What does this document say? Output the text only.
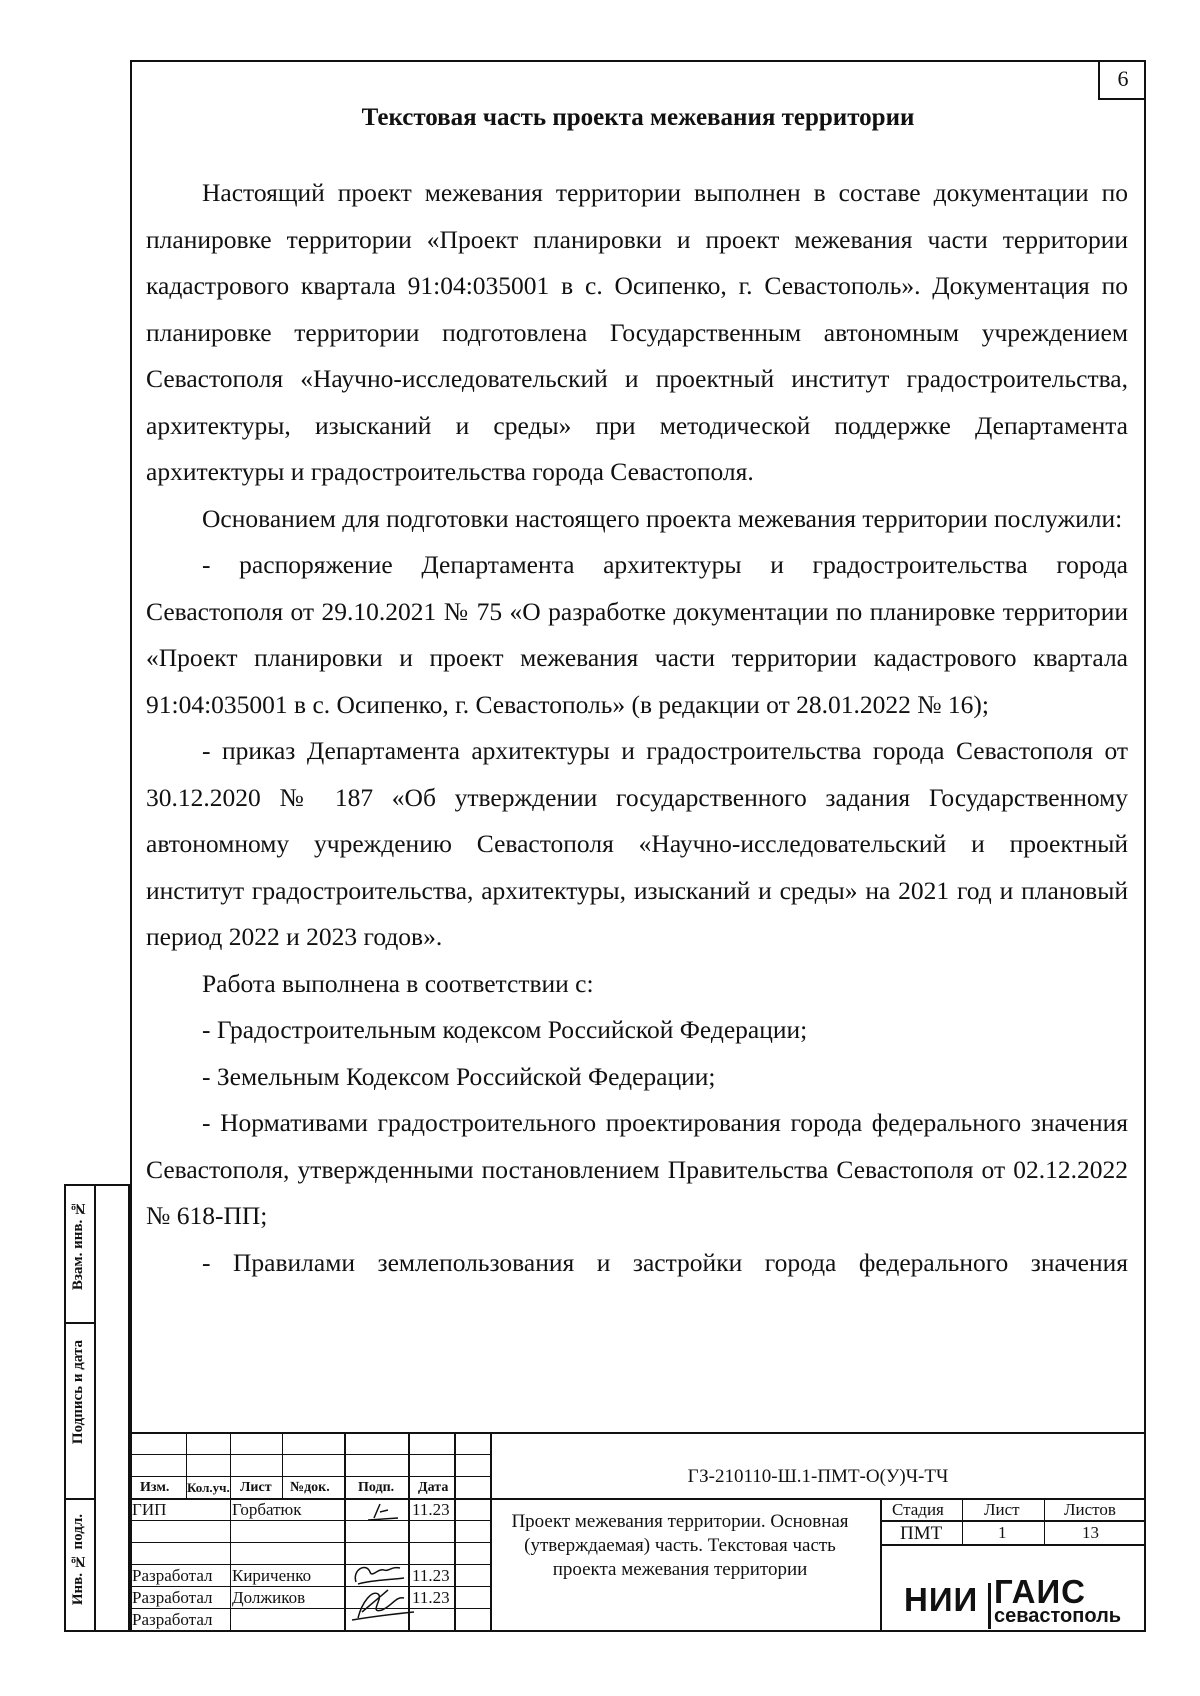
6
Текстовая часть проекта межевания территории

Настоящий проект межевания территории выполнен в составе документации по планировке территории «Проект планировки и проект межевания части территории кадастрового квартала 91:04:035001 в с. Осипенко, г. Севастополь». Документация по планировке территории подготовлена Государственным автономным учреждением Севастополя «Научно-исследовательский и проектный институт градостроительства, архитектуры, изысканий и среды» при методической поддержке Департамента архитектуры и градостроительства города Севастополя.

Основанием для подготовки настоящего проекта межевания территории послужили:

- распоряжение Департамента архитектуры и градостроительства города Севастополя от 29.10.2021 № 75 «О разработке документации по планировке территории «Проект планировки и проект межевания части территории кадастрового квартала 91:04:035001 в с. Осипенко, г. Севастополь» (в редакции от 28.01.2022 № 16);

- приказ Департамента архитектуры и градостроительства города Севастополя от 30.12.2020 № 187 «Об утверждении государственного задания Государственному автономному учреждению Севастополя «Научно-исследовательский и проектный институт градостроительства, архитектуры, изысканий и среды» на 2021 год и плановый период 2022 и 2023 годов».

Работа выполнена в соответствии с:

- Градостроительным кодексом Российской Федерации;

- Земельным Кодексом Российской Федерации;

- Нормативами градостроительного проектирования города федерального значения Севастополя, утвержденными постановлением Правительства Севастополя от 02.12.2022 № 618-ПП;

- Правилами землепользования и застройки города федерального значения

Взам. инв. №
Подпись и дата
Инв. № подл.
Изм. Кол.уч. Лист №док. Подп. Дата
ГИП	Горбатюк	11.23
Разработал Кириченко	11.23
Разработал Должиков	11.23
Разработал
ГЗ-210110-Ш.1-ПМТ-О(У)Ч-ТЧ
Проект межевания территории. Основная (утверждаемая) часть. Текстовая часть проекта межевания территории
Стадия Лист	Листов
ПМТ	1	13
НИИ ГАИС
севастополь
